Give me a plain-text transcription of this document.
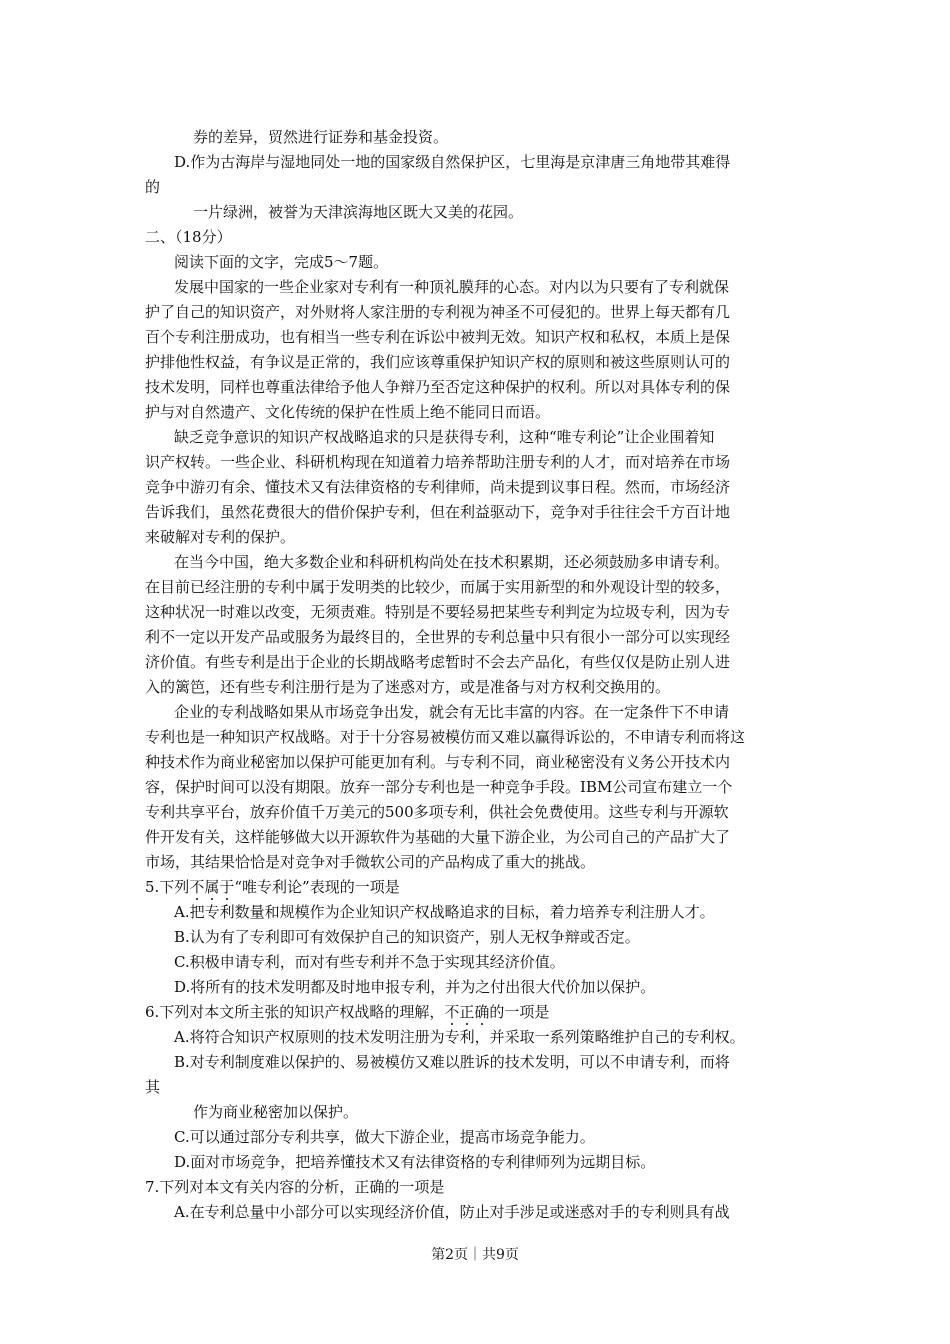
券的差异，贸然进行证券和基金投资。
D.作为古海岸与湿地同处一地的国家级自然保护区，七里海是京津唐三角地带其难得
的
一片绿洲，被誉为天津滨海地区既大又美的花园。
二、（18分）
阅读下面的文字，完成5～7题。
发展中国家的一些企业家对专利有一种顶礼膜拜的心态。对内以为只要有了专利就保
护了自己的知识资产，对外财将人家注册的专利视为神圣不可侵犯的。世界上每天都有几
百个专利注册成功，也有相当一些专利在诉讼中被判无效。知识产权和私权，本质上是保
护排他性权益，有争议是正常的，我们应该尊重保护知识产权的原则和被这些原则认可的
技术发明，同样也尊重法律给予他人争辩乃至否定这种保护的权利。所以对具体专利的保
护与对自然遗产、文化传统的保护在性质上绝不能同日而语。
缺乏竞争意识的知识产权战略追求的只是获得专利，这种“唯专利论”让企业围着知
识产权转。一些企业、科研机构现在知道着力培养帮助注册专利的人才，而对培养在市场
竞争中游刃有余、懂技术又有法律资格的专利律师，尚未提到议事日程。然而，市场经济
告诉我们，虽然花费很大的借价保护专利，但在利益驱动下，竞争对手往往会千方百计地
来破解对专利的保护。
在当今中国，绝大多数企业和科研机构尚处在技术积累期，还必须鼓励多申请专利。
在目前已经注册的专利中属于发明类的比较少，而属于实用新型的和外观设计型的较多，
这种状况一时难以改变，无须责难。特别是不要轻易把某些专利判定为垃圾专利，因为专
利不一定以开发产品或服务为最终目的，全世界的专利总量中只有很小一部分可以实现经
济价值。有些专利是出于企业的长期战略考虑暂时不会去产品化，有些仅仅是防止别人进
入的篱笆，还有些专利注册行是为了迷惑对方，或是准备与对方权利交换用的。
企业的专利战略如果从市场竞争出发，就会有无比丰富的内容。在一定条件下不申请
专利也是一种知识产权战略。对于十分容易被模仿而又难以赢得诉讼的，不申请专利而将这
种技术作为商业秘密加以保护可能更加有利。与专利不同，商业秘密没有义务公开技术内
容，保护时间可以没有期限。放弃一部分专利也是一种竞争手段。IBM公司宣布建立一个
专利共享平台，放弃价值千万美元的500多项专利，供社会免费使用。这些专利与开源软
件开发有关，这样能够做大以开源软件为基础的大量下游企业，为公司自己的产品扩大了
市场，其结果恰恰是对竞争对手微软公司的产品构成了重大的挑战。
5.下列不属于“唯专利论”表现的一项是
A.把专利数量和规模作为企业知识产权战略追求的目标，着力培养专利注册人才。
B.认为有了专利即可有效保护自己的知识资产，别人无权争辩或否定。
C.积极申请专利，而对有些专利并不急于实现其经济价值。
D.将所有的技术发明都及时地申报专利，并为之付出很大代价加以保护。
6.下列对本文所主张的知识产权战略的理解，不正确的一项是
A.将符合知识产权原则的技术发明注册为专利，并采取一系列策略维护自己的专利权。
B.对专利制度难以保护的、易被模仿又难以胜诉的技术发明，可以不申请专利，而将
其
作为商业秘密加以保护。
C.可以通过部分专利共享，做大下游企业，提高市场竞争能力。
D.面对市场竞争，把培养懂技术又有法律资格的专利律师列为远期目标。
7.下列对本文有关内容的分析，正确的一项是
A.在专利总量中小部分可以实现经济价值，防止对手涉足或迷惑对手的专利则具有战
第2页｜共9页
